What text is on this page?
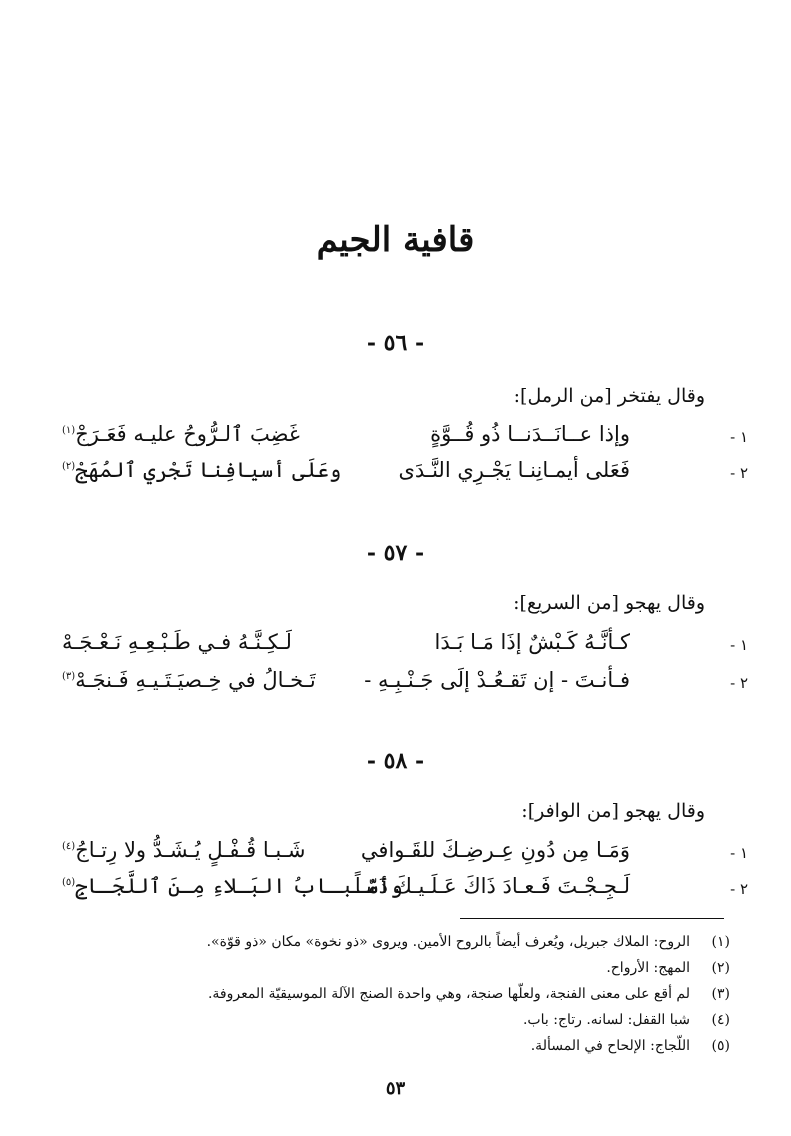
قافية الجيم
- ٥٦ -
وقال يفتخر [من الرمل]:
١ -
وإذا عــانَــدَنــا ذُو قُــوَّةٍ
غَضِبَ ٱلـرُّوحُ عليـه فَعَـرَجْ$^{(١)}$
٢ -
فَعَلى أيمـانِنـا يَجْـرِي النَّـدَى
وعَلَى أسيافِنا تَجْري ٱلمُهَجْ$^{(٢)}$
- ٥٧ -
وقال يهجو [من السريع]:
١ -
كـأنَّـهُ كَـبْشٌ إذَا مَـا بَـدَا
لَـكِـنَّـهُ فـي طَـبْـعِـهِ نَـعْـجَـهْ
٢ -
فـأنـتَ - إن تَقـعُـدْ إلَى جَـنْـبِـهِ -
تَـخـالُ في خِـصيَـتَـيـهِ فَـنجَـهْ$^{(٣)}$
- ٥٨ -
وقال يهجو [من الوافر]:
١ -
وَمَـا مِن دُونِ عِـرضِـكَ للقَـوافي
شَـبـا قُـفْـلٍ يُـشَـدُّ ولا رِتـاجُ$^{(٤)}$
٢ -
لَـجِـجْـتَ فَـعـادَ ذَاكَ عَـلَـيـكَ ذَمّـاً
وأسْـبـابُ البَـلاءِ مِـنَ ٱللَّجَـاجِ$^{(٥)}$
(١)
الروح: الملاك جبريل، ويُعرف أيضاً بالروح الأمين. ويروى «ذو نخوة» مكان «ذو قوّة».
(٢)
المهج: الأرواح.
(٣)
لم أقع على معنى الفنجة، ولعلّها صنجة، وهي واحدة الصنج الآلة الموسيقيّة المعروفة.
(٤)
شبا القفل: لسانه. رتاج: باب.
(٥)
اللّجاج: الإلحاح في المسألة.
٥٣
